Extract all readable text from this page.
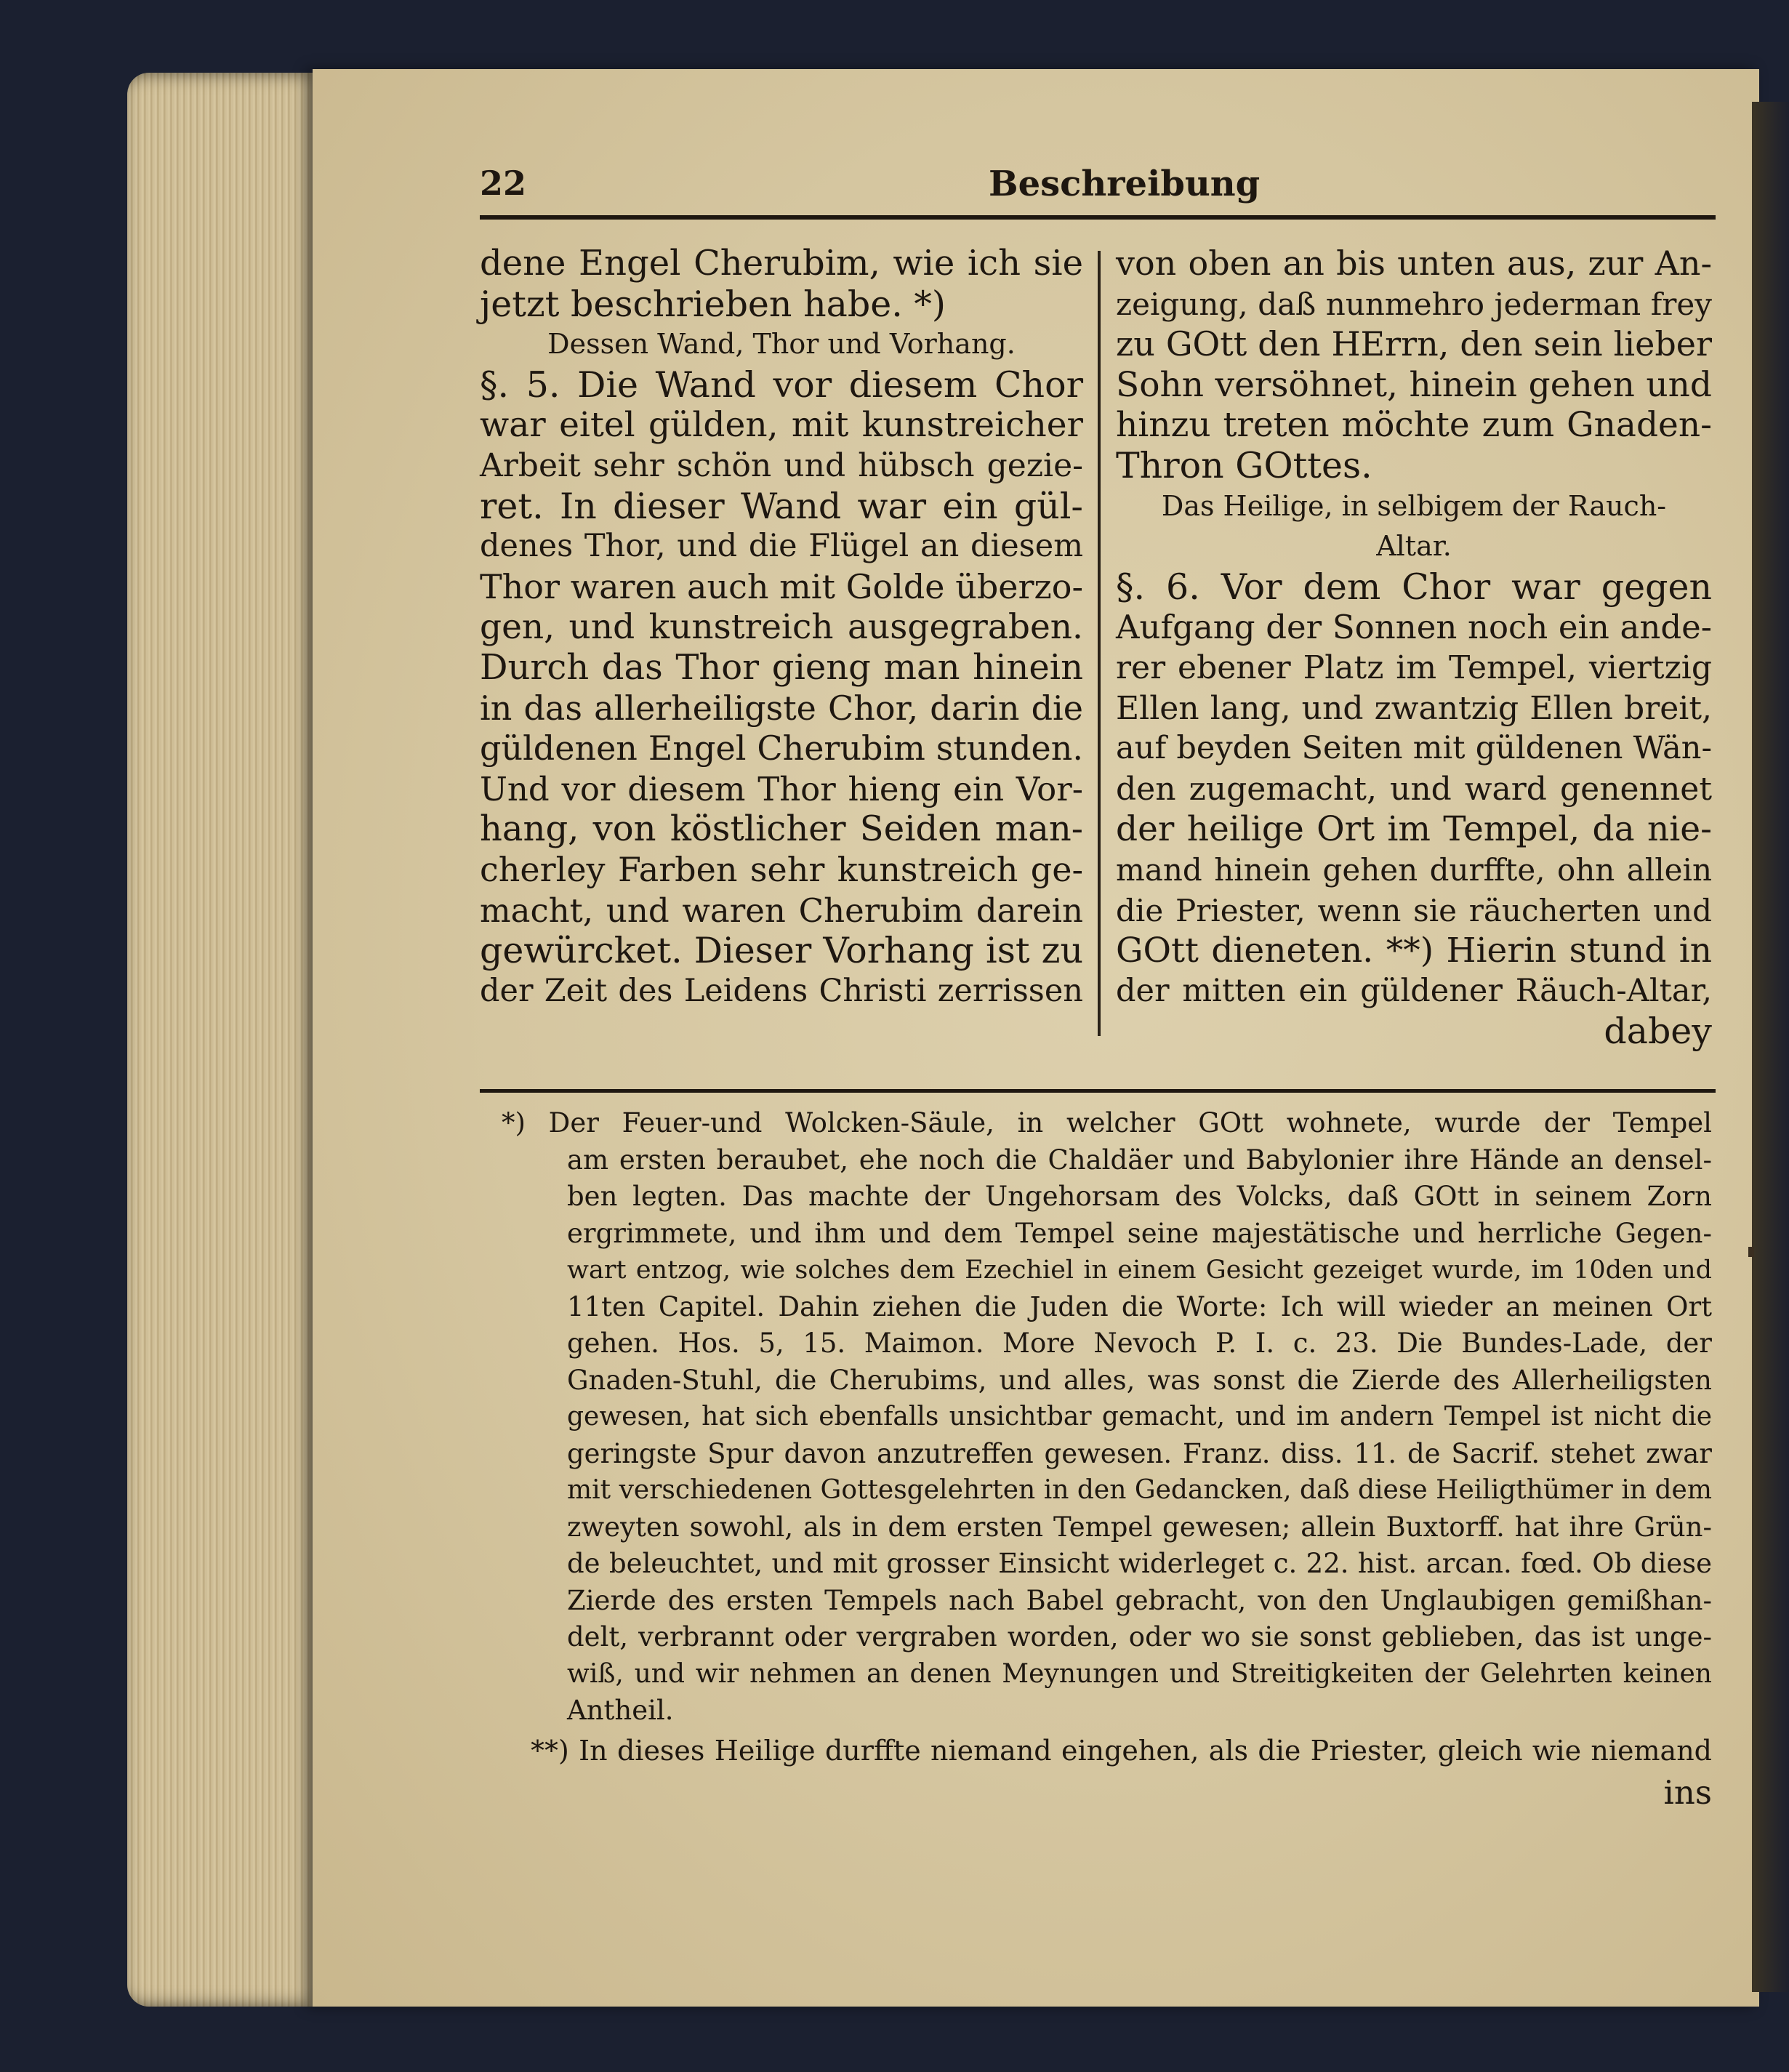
22	Beschreibung
dene Engel Cherubim, wie ich sie
jetzt beschrieben habe. *)
Dessen Wand, Thor und Vorhang.
§. 5. Die Wand vor diesem Chor
war eitel gülden, mit kunstreicher
Arbeit sehr schön und hübsch gezie-
ret. In dieser Wand war ein gül-
denes Thor, und die Flügel an diesem
Thor waren auch mit Golde überzo-
gen, und kunstreich ausgegraben.
Durch das Thor gieng man hinein
in das allerheiligste Chor, darin die
güldenen Engel Cherubim stunden.
Und vor diesem Thor hieng ein Vor-
hang, von köstlicher Seiden man-
cherley Farben sehr kunstreich ge-
macht, und waren Cherubim darein
gewürcket. Dieser Vorhang ist zu
der Zeit des Leidens Christi zerrissen
von oben an bis unten aus, zur An-
zeigung, daß nunmehro jederman frey
zu GOtt den HErrn, den sein lieber
Sohn versöhnet, hinein gehen und
hinzu treten möchte zum Gnaden-
Thron GOttes.
Das Heilige, in selbigem der Rauch-
Altar.
§. 6. Vor dem Chor war gegen
Aufgang der Sonnen noch ein ande-
rer ebener Platz im Tempel, viertzig
Ellen lang, und zwantzig Ellen breit,
auf beyden Seiten mit güldenen Wän-
den zugemacht, und ward genennet
der heilige Ort im Tempel, da nie-
mand hinein gehen durffte, ohn allein
die Priester, wenn sie räucherten und
GOtt dieneten. **) Hierin stund in
der mitten ein güldener Räuch-Altar,
dabey
*) Der Feuer-und Wolcken-Säule, in welcher GOtt wohnete, wurde der Tempel
am ersten beraubet, ehe noch die Chaldäer und Babylonier ihre Hände an densel-
ben legten. Das machte der Ungehorsam des Volcks, daß GOtt in seinem Zorn
ergrimmete, und ihm und dem Tempel seine majestätische und herrliche Gegen-
wart entzog, wie solches dem Ezechiel in einem Gesicht gezeiget wurde, im 10den und
11ten Capitel. Dahin ziehen die Juden die Worte: Ich will wieder an meinen Ort
gehen. Hos. 5, 15. Maimon. More Nevoch P. I. c. 23. Die Bundes-Lade, der
Gnaden-Stuhl, die Cherubims, und alles, was sonst die Zierde des Allerheiligsten
gewesen, hat sich ebenfalls unsichtbar gemacht, und im andern Tempel ist nicht die
geringste Spur davon anzutreffen gewesen. Franz. diss. 11. de Sacrif. stehet zwar
mit verschiedenen Gottesgelehrten in den Gedancken, daß diese Heiligthümer in dem
zweyten sowohl, als in dem ersten Tempel gewesen; allein Buxtorff. hat ihre Grün-
de beleuchtet, und mit grosser Einsicht widerleget c. 22. hist. arcan. fœd. Ob diese
Zierde des ersten Tempels nach Babel gebracht, von den Unglaubigen gemißhan-
delt, verbrannt oder vergraben worden, oder wo sie sonst geblieben, das ist unge-
wiß, und wir nehmen an denen Meynungen und Streitigkeiten der Gelehrten keinen
Antheil.
**) In dieses Heilige durffte niemand eingehen, als die Priester, gleich wie niemand
ins
